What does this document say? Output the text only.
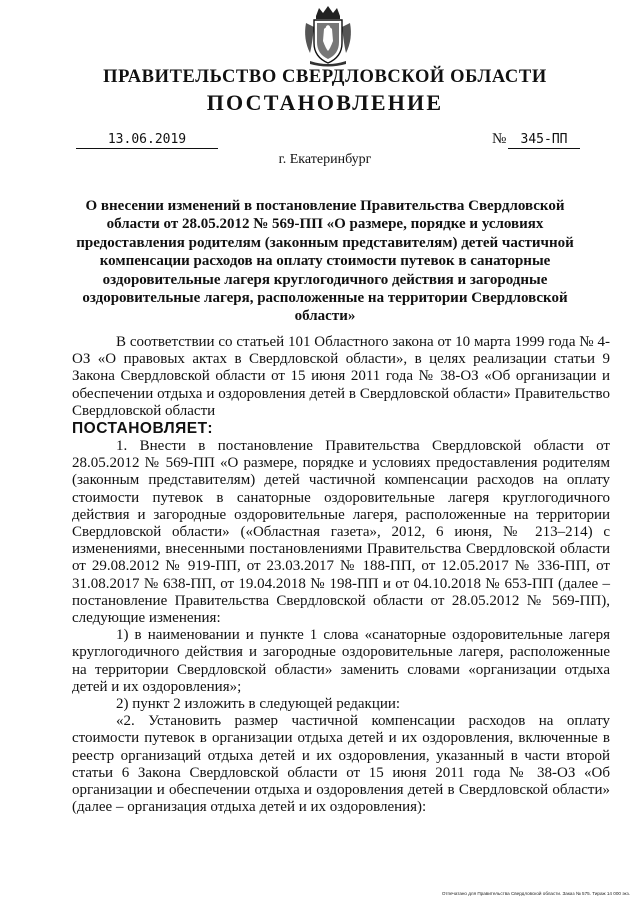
ПРАВИТЕЛЬСТВО СВЕРДЛОВСКОЙ ОБЛАСТИ
ПОСТАНОВЛЕНИЕ
13.06.2019	№	345-ПП
г. Екатеринбург
О внесении изменений в постановление Правительства Свердловской области от 28.05.2012 № 569-ПП «О размере, порядке и условиях предоставления родителям (законным представителям) детей частичной компенсации расходов на оплату стоимости путевок в санаторные оздоровительные лагеря круглогодичного действия и загородные оздоровительные лагеря, расположенные на территории Свердловской области»

В соответствии со статьей 101 Областного закона от 10 марта 1999 года № 4-ОЗ «О правовых актах в Свердловской области», в целях реализации статьи 9 Закона Свердловской области от 15 июня 2011 года № 38-ОЗ «Об организации и обеспечении отдыха и оздоровления детей в Свердловской области» Правительство Свердловской области

ПОСТАНОВЛЯЕТ:

1. Внести в постановление Правительства Свердловской области от 28.05.2012 № 569-ПП «О размере, порядке и условиях предоставления родителям (законным представителям) детей частичной компенсации расходов на оплату стоимости путевок в санаторные оздоровительные лагеря круглогодичного действия и загородные оздоровительные лагеря, расположенные на территории Свердловской области» («Областная газета», 2012, 6 июня, № 213–214) с изменениями, внесенными постановлениями Правительства Свердловской области от 29.08.2012 № 919-ПП, от 23.03.2017 № 188-ПП, от 12.05.2017 № 336-ПП, от 31.08.2017 № 638-ПП, от 19.04.2018 № 198-ПП и от 04.10.2018 № 653-ПП (далее – постановление Правительства Свердловской области от 28.05.2012 № 569-ПП), следующие изменения:

1) в наименовании и пункте 1 слова «санаторные оздоровительные лагеря круглогодичного действия и загородные оздоровительные лагеря, расположенные на территории Свердловской области» заменить словами «организации отдыха детей и их оздоровления»;

2) пункт 2 изложить в следующей редакции:

«2. Установить размер частичной компенсации расходов на оплату стоимости путевок в организации отдыха детей и их оздоровления, включенные в реестр организаций отдыха детей и их оздоровления, указанный в части второй статьи 6 Закона Свердловской области от 15 июня 2011 года № 38-ОЗ «Об организации и обеспечении отдыха и оздоровления детей в Свердловской области» (далее – организация отдыха детей и их оздоровления):

Отпечатано для Правительства Свердловской области. Заказ № 575. Тираж 14 000 экз.
